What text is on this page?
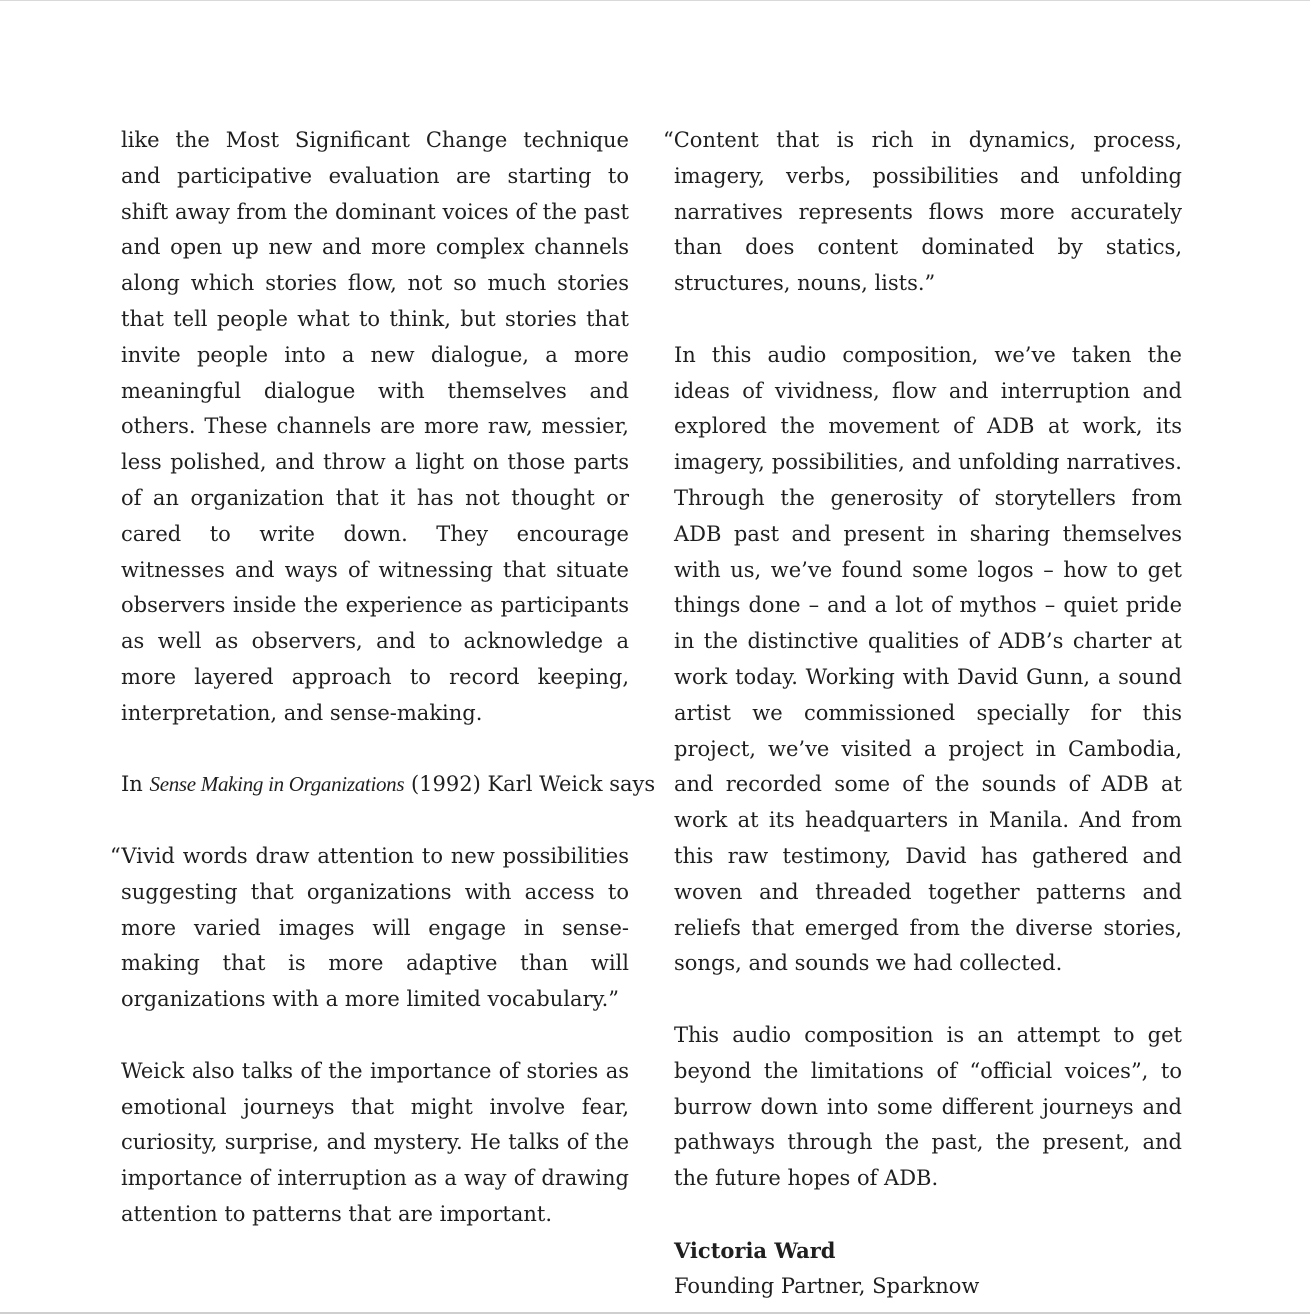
like the Most Significant Change technique and participative evaluation are starting to shift away from the dominant voices of the past and open up new and more complex channels along which stories flow, not so much stories that tell people what to think, but stories that invite people into a new dialogue, a more meaningful dialogue with themselves and others. These channels are more raw, messier, less polished, and throw a light on those parts of an organization that it has not thought or cared to write down. They encourage witnesses and ways of witnessing that situate observers inside the experience as participants as well as observers, and to acknowledge a more layered approach to record keeping, interpretation, and sense-making.

In Sense Making in Organizations (1992) Karl Weick says

“Vivid words draw attention to new possibilities suggesting that organizations with access to more varied images will engage in sense-making that is more adaptive than will organizations with a more limited vocabulary.”

Weick also talks of the importance of stories as emotional journeys that might involve fear, curiosity, surprise, and mystery. He talks of the importance of interruption as a way of drawing attention to patterns that are important.

“Content that is rich in dynamics, process, imagery, verbs, possibilities and unfolding narratives represents flows more accurately than does content dominated by statics, structures, nouns, lists.”

In this audio composition, we’ve taken the ideas of vividness, flow and interruption and explored the movement of ADB at work, its imagery, possibilities, and unfolding narratives. Through the generosity of storytellers from ADB past and present in sharing themselves with us, we’ve found some logos – how to get things done – and a lot of mythos – quiet pride in the distinctive qualities of ADB’s charter at work today. Working with David Gunn, a sound artist we commissioned specially for this project, we’ve visited a project in Cambodia, and recorded some of the sounds of ADB at work at its headquarters in Manila. And from this raw testimony, David has gathered and woven and threaded together patterns and reliefs that emerged from the diverse stories, songs, and sounds we had collected.

This audio composition is an attempt to get beyond the limitations of “official voices”, to burrow down into some different journeys and pathways through the past, the present, and the future hopes of ADB.

Victoria Ward

Founding Partner, Sparknow
